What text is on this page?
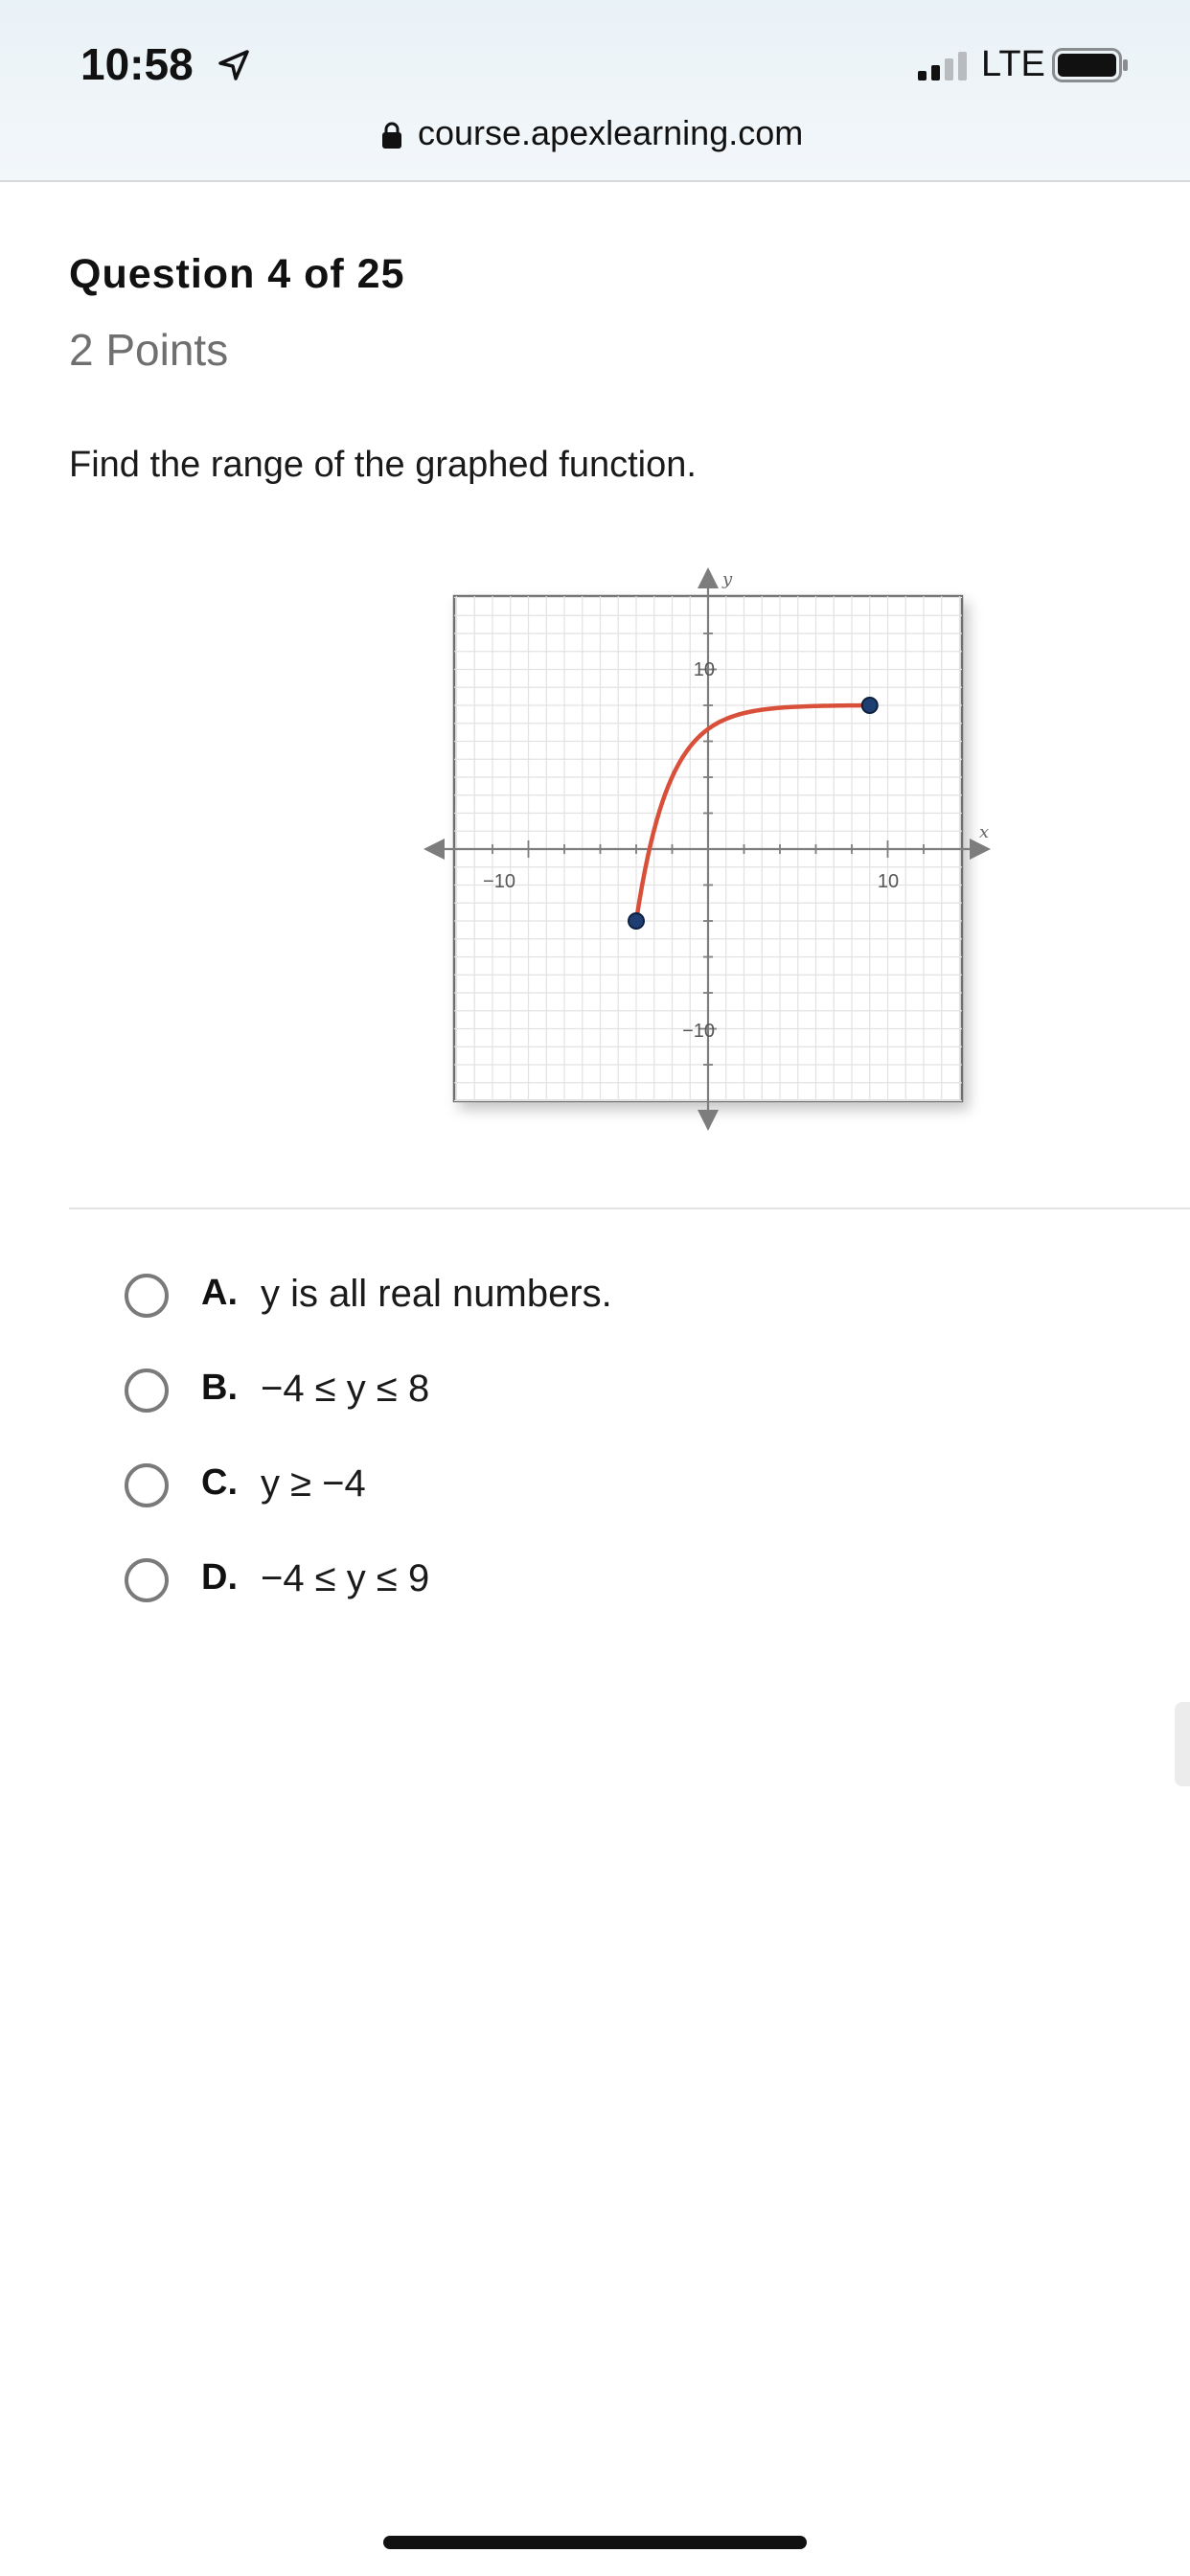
10:58	LTE
course.apexlearning.com
Question 4 of 25
2 Points
Find the range of the graphed function.
x
y
−10	10
10
−10
A. y is all real numbers.
B. −4 ≤ y ≤ 8
C. y ≥ −4
D. −4 ≤ y ≤ 9
